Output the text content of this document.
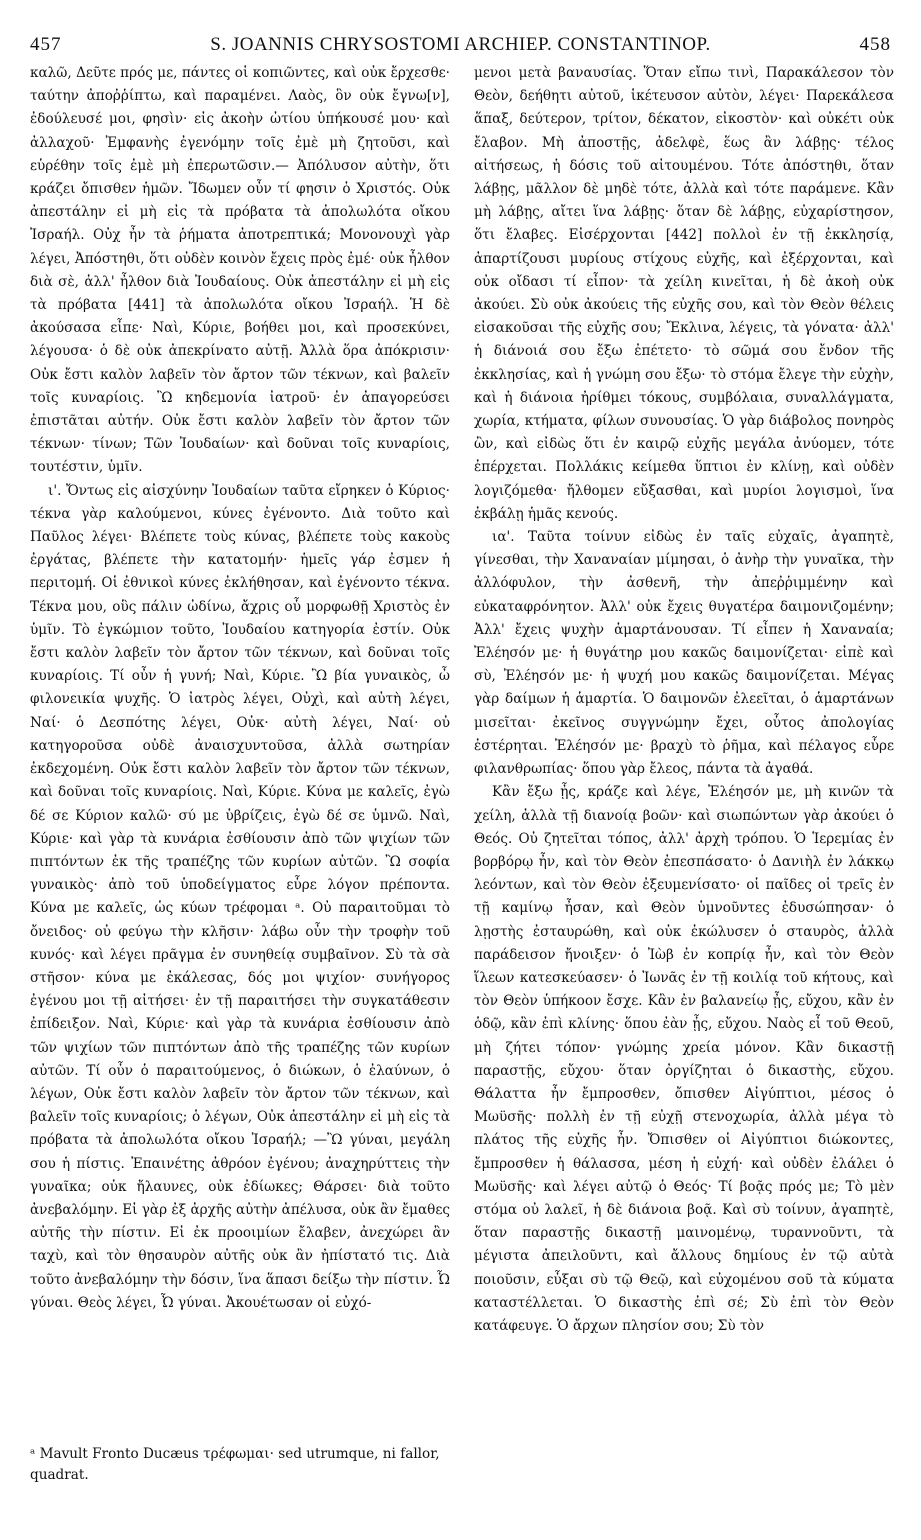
457	S. JOANNIS CHRYSOSTOMI ARCHIEP. CONSTANTINOP.	458

καλῶ, Δεῦτε πρός με, πάντες οἱ κοπιῶντες, καὶ οὐκ ἔρχεσθε· ταύτην ἀποῤῥίπτω, καὶ παραμένει. Λαὸς, ὃν οὐκ ἔγνω[ν], ἐδούλευσέ μοι, φησὶν· εἰς ἀκοὴν ὠτίου ὑπήκουσέ μου· καὶ ἀλλαχοῦ· Ἐμφανὴς ἐγενόμην τοῖς ἐμὲ μὴ ζητοῦσι, καὶ εὑρέθην τοῖς ἐμὲ μὴ ἐπερωτῶσιν.— Ἀπόλυσον αὐτὴν, ὅτι κράζει ὄπισθεν ἡμῶν. Ἴδωμεν οὖν τί φησιν ὁ Χριστός. Οὐκ ἀπεστάλην εἰ μὴ εἰς τὰ πρόβατα τὰ ἀπολωλότα οἴκου Ἰσραήλ. Οὐχ ἦν τὰ ῥήματα ἀποτρεπτικά; Μονονουχὶ γὰρ λέγει, Ἀπόστηθι, ὅτι οὐδὲν κοινὸν ἔχεις πρὸς ἐμέ· οὐκ ἦλθον διὰ σὲ, ἀλλ' ἦλθον διὰ Ἰουδαίους. Οὐκ ἀπεστάλην εἰ μὴ εἰς τὰ πρόβατα [441] τὰ ἀπολωλότα οἴκου Ἰσραήλ. Ἡ δὲ ἀκούσασα εἶπε· Ναὶ, Κύριε, βοήθει μοι, καὶ προσεκύνει, λέγουσα· ὁ δὲ οὐκ ἀπεκρίνατο αὐτῇ. Ἀλλὰ ὅρα ἀπόκρισιν· Οὐκ ἔστι καλὸν λαβεῖν τὸν ἄρτον τῶν τέκνων, καὶ βαλεῖν τοῖς κυναρίοις. Ὢ κηδεμονία ἰατροῦ· ἐν ἀπαγορεύσει ἐπιστᾶται αὐτήν. Οὐκ ἔστι καλὸν λαβεῖν τὸν ἄρτον τῶν τέκνων· τίνων; Τῶν Ἰουδαίων· καὶ δοῦναι τοῖς κυναρίοις, τουτέστιν, ὑμῖν.

ι'. Ὄντως εἰς αἰσχύνην Ἰουδαίων ταῦτα εἴρηκεν ὁ Κύριος· τέκνα γὰρ καλούμενοι, κύνες ἐγένοντο. Διὰ τοῦτο καὶ Παῦλος λέγει· Βλέπετε τοὺς κύνας, βλέπετε τοὺς κακοὺς ἐργάτας, βλέπετε τὴν κατατομήν· ἡμεῖς γάρ ἐσμεν ἡ περιτομή. Οἱ ἐθνικοὶ κύνες ἐκλήθησαν, καὶ ἐγένοντο τέκνα. Τέκνα μου, οὓς πάλιν ὠδίνω, ἄχρις οὗ μορφωθῇ Χριστὸς ἐν ὑμῖν. Τὸ ἐγκώμιον τοῦτο, Ἰουδαίου κατηγορία ἐστίν. Οὐκ ἔστι καλὸν λαβεῖν τὸν ἄρτον τῶν τέκνων, καὶ δοῦναι τοῖς κυναρίοις. Τί οὖν ἡ γυνή; Ναὶ, Κύριε. Ὢ βία γυναικὸς, ὦ φιλονεικία ψυχῆς. Ὁ ἰατρὸς λέγει, Οὐχὶ, καὶ αὐτὴ λέγει, Ναί· ὁ Δεσπότης λέγει, Οὐκ· αὐτὴ λέγει, Ναί· οὐ κατηγοροῦσα οὐδὲ ἀναισχυντοῦσα, ἀλλὰ σωτηρίαν ἐκδεχομένη. Οὐκ ἔστι καλὸν λαβεῖν τὸν ἄρτον τῶν τέκνων, καὶ δοῦναι τοῖς κυναρίοις. Ναὶ, Κύριε. Κύνα με καλεῖς, ἐγὼ δέ σε Κύριον καλῶ· σύ με ὑβρίζεις, ἐγὼ δέ σε ὑμνῶ. Ναὶ, Κύριε· καὶ γὰρ τὰ κυνάρια ἐσθίουσιν ἀπὸ τῶν ψιχίων τῶν πιπτόντων ἐκ τῆς τραπέζης τῶν κυρίων αὐτῶν. Ὢ σοφία γυναικὸς· ἀπὸ τοῦ ὑποδείγματος εὗρε λόγον πρέποντα. Κύνα με καλεῖς, ὡς κύων τρέφομαι ᵃ. Οὐ παραιτοῦμαι τὸ ὄνειδος· οὐ φεύγω τὴν κλῆσιν· λάβω οὖν τὴν τροφὴν τοῦ κυνός· καὶ λέγει πρᾶγμα ἐν συνηθείᾳ συμβαῖνον. Σὺ τὰ σὰ στῆσον· κύνα με ἐκάλεσας, δός μοι ψιχίον· συνήγορος ἐγένου μοι τῇ αἰτήσει· ἐν τῇ παραιτήσει τὴν συγκατάθεσιν ἐπίδειξον. Ναὶ, Κύριε· καὶ γὰρ τὰ κυνάρια ἐσθίουσιν ἀπὸ τῶν ψιχίων τῶν πιπτόντων ἀπὸ τῆς τραπέζης τῶν κυρίων αὐτῶν. Τί οὖν ὁ παραιτούμενος, ὁ διώκων, ὁ ἐλαύνων, ὁ λέγων, Οὐκ ἔστι καλὸν λαβεῖν τὸν ἄρτον τῶν τέκνων, καὶ βαλεῖν τοῖς κυναρίοις; ὁ λέγων, Οὐκ ἀπεστάλην εἰ μὴ εἰς τὰ πρόβατα τὰ ἀπολωλότα οἴκου Ἰσραήλ; —Ὢ γύναι, μεγάλη σου ἡ πίστις. Ἐπαινέτης ἀθρόον ἐγένου; ἀναχηρύττεις τὴν γυναῖκα; οὐκ ἤλαυνες, οὐκ ἐδίωκες; Θάρσει· διὰ τοῦτο ἀνεβαλόμην. Εἰ γὰρ ἐξ ἀρχῆς αὐτὴν ἀπέλυσα, οὐκ ἂν ἔμαθες αὐτῆς τὴν πίστιν. Εἰ ἐκ προοιμίων ἔλαβεν, ἀνεχώρει ἂν ταχὺ, καὶ τὸν θησαυρὸν αὐτῆς οὐκ ἂν ἠπίστατό τις. Διὰ τοῦτο ἀνεβαλόμην τὴν δόσιν, ἵνα ἅπασι δείξω τὴν πίστιν. Ὦ γύναι. Θεὸς λέγει, Ὦ γύναι. Ἀκουέτωσαν οἱ εὐχό-

μενοι μετὰ βαναυσίας. Ὅταν εἴπω τινὶ, Παρακάλεσον τὸν Θεὸν, δεήθητι αὐτοῦ, ἱκέτευσον αὐτὸν, λέγει· Παρεκάλεσα ἅπαξ, δεύτερον, τρίτον, δέκατον, εἰκοστὸν· καὶ οὐκέτι οὐκ ἔλαβον. Μὴ ἀποστῇς, ἀδελφὲ, ἕως ἂν λάβῃς· τέλος αἰτήσεως, ἡ δόσις τοῦ αἰτουμένου. Τότε ἀπόστηθι, ὅταν λάβῃς, μᾶλλον δὲ μηδὲ τότε, ἀλλὰ καὶ τότε παράμενε. Κἂν μὴ λάβῃς, αἴτει ἵνα λάβῃς· ὅταν δὲ λάβῃς, εὐχαρίστησον, ὅτι ἔλαβες. Εἰσέρχονται [442] πολλοὶ ἐν τῇ ἐκκλησίᾳ, ἀπαρτίζουσι μυρίους στίχους εὐχῆς, καὶ ἐξέρχονται, καὶ οὐκ οἴδασι τί εἶπον· τὰ χείλη κινεῖται, ἡ δὲ ἀκοὴ οὐκ ἀκούει. Σὺ οὐκ ἀκούεις τῆς εὐχῆς σου, καὶ τὸν Θεὸν θέλεις εἰσακοῦσαι τῆς εὐχῆς σου; Ἔκλινα, λέγεις, τὰ γόνατα· ἀλλ' ἡ διάνοιά σου ἔξω ἐπέτετο· τὸ σῶμά σου ἔνδον τῆς ἐκκλησίας, καὶ ἡ γνώμη σου ἔξω· τὸ στόμα ἔλεγε τὴν εὐχὴν, καὶ ἡ διάνοια ἠρίθμει τόκους, συμβόλαια, συναλλάγματα, χωρία, κτήματα, φίλων συνουσίας. Ὁ γὰρ διάβολος πονηρὸς ὢν, καὶ εἰδὼς ὅτι ἐν καιρῷ εὐχῆς μεγάλα ἀνύομεν, τότε ἐπέρχεται. Πολλάκις κείμεθα ὕπτιοι ἐν κλίνῃ, καὶ οὐδὲν λογιζόμεθα· ἤλθομεν εὔξασθαι, καὶ μυρίοι λογισμοὶ, ἵνα ἐκβάλῃ ἡμᾶς κενούς.

ια'. Ταῦτα τοίνυν εἰδὼς ἐν ταῖς εὐχαῖς, ἀγαπητὲ, γίνεσθαι, τὴν Χαναναίαν μίμησαι, ὁ ἀνὴρ τὴν γυναῖκα, τὴν ἀλλόφυλον, τὴν ἀσθενῆ, τὴν ἀπεῤῥιμμένην καὶ εὐκαταφρόνητον. Ἀλλ' οὐκ ἔχεις θυγατέρα δαιμονιζομένην; Ἀλλ' ἔχεις ψυχὴν ἁμαρτάνουσαν. Τί εἶπεν ἡ Χαναναία; Ἐλέησόν με· ἡ θυγάτηρ μου κακῶς δαιμονίζεται· εἰπὲ καὶ σὺ, Ἐλέησόν με· ἡ ψυχή μου κακῶς δαιμονίζεται. Μέγας γὰρ δαίμων ἡ ἁμαρτία. Ὁ δαιμονῶν ἐλεεῖται, ὁ ἁμαρτάνων μισεῖται· ἐκεῖνος συγγνώμην ἔχει, οὗτος ἀπολογίας ἐστέρηται. Ἐλέησόν με· βραχὺ τὸ ῥῆμα, καὶ πέλαγος εὗρε φιλανθρωπίας· ὅπου γὰρ ἔλεος, πάντα τὰ ἀγαθά.

Κἂν ἔξω ᾖς, κράζε καὶ λέγε, Ἐλέησόν με, μὴ κινῶν τὰ χείλη, ἀλλὰ τῇ διανοίᾳ βοῶν· καὶ σιωπώντων γὰρ ἀκούει ὁ Θεός. Οὐ ζητεῖται τόπος, ἀλλ' ἀρχὴ τρόπου. Ὁ Ἱερεμίας ἐν βορβόρῳ ἦν, καὶ τὸν Θεὸν ἐπεσπάσατο· ὁ Δανιὴλ ἐν λάκκῳ λεόντων, καὶ τὸν Θεὸν ἐξευμενίσατο· οἱ παῖδες οἱ τρεῖς ἐν τῇ καμίνῳ ἦσαν, καὶ Θεὸν ὑμνοῦντες ἐδυσώπησαν· ὁ λῃστὴς ἐσταυρώθη, καὶ οὐκ ἐκώλυσεν ὁ σταυρὸς, ἀλλὰ παράδεισον ἤνοιξεν· ὁ Ἰὼβ ἐν κοπρίᾳ ἦν, καὶ τὸν Θεὸν ἵλεων κατεσκεύασεν· ὁ Ἰωνᾶς ἐν τῇ κοιλίᾳ τοῦ κήτους, καὶ τὸν Θεὸν ὑπήκοον ἔσχε. Κἂν ἐν βαλανείῳ ᾖς, εὔχου, κἂν ἐν ὁδῷ, κἂν ἐπὶ κλίνης· ὅπου ἐὰν ᾖς, εὔχου. Ναὸς εἶ τοῦ Θεοῦ, μὴ ζήτει τόπον· γνώμης χρεία μόνον. Κἂν δικαστῇ παραστῇς, εὔχου· ὅταν ὀργίζηται ὁ δικαστὴς, εὔχου. Θάλαττα ἦν ἔμπροσθεν, ὄπισθεν Αἰγύπτιοι, μέσος ὁ Μωϋσῆς· πολλὴ ἐν τῇ εὐχῇ στενοχωρία, ἀλλὰ μέγα τὸ πλάτος τῆς εὐχῆς ἦν. Ὄπισθεν οἱ Αἰγύπτιοι διώκοντες, ἔμπροσθεν ἡ θάλασσα, μέση ἡ εὐχή· καὶ οὐδὲν ἐλάλει ὁ Μωϋσῆς· καὶ λέγει αὐτῷ ὁ Θεός· Τί βοᾷς πρός με; Τὸ μὲν στόμα οὐ λαλεῖ, ἡ δὲ διάνοια βοᾷ. Καὶ σὺ τοίνυν, ἀγαπητὲ, ὅταν παραστῇς δικαστῇ μαινομένῳ, τυραννοῦντι, τὰ μέγιστα ἀπειλοῦντι, καὶ ἄλλους δημίους ἐν τῷ αὐτὰ ποιοῦσιν, εὖξαι σὺ τῷ Θεῷ, καὶ εὐχομένου σοῦ τὰ κύματα καταστέλλεται. Ὁ δικαστὴς ἐπὶ σέ; Σὺ ἐπὶ τὸν Θεὸν κατάφευγε. Ὁ ἄρχων πλησίον σου; Σὺ τὸν

ᵃ Mavult Fronto Ducæus τρέφωμαι· sed utrumque, ni fallor, quadrat.
